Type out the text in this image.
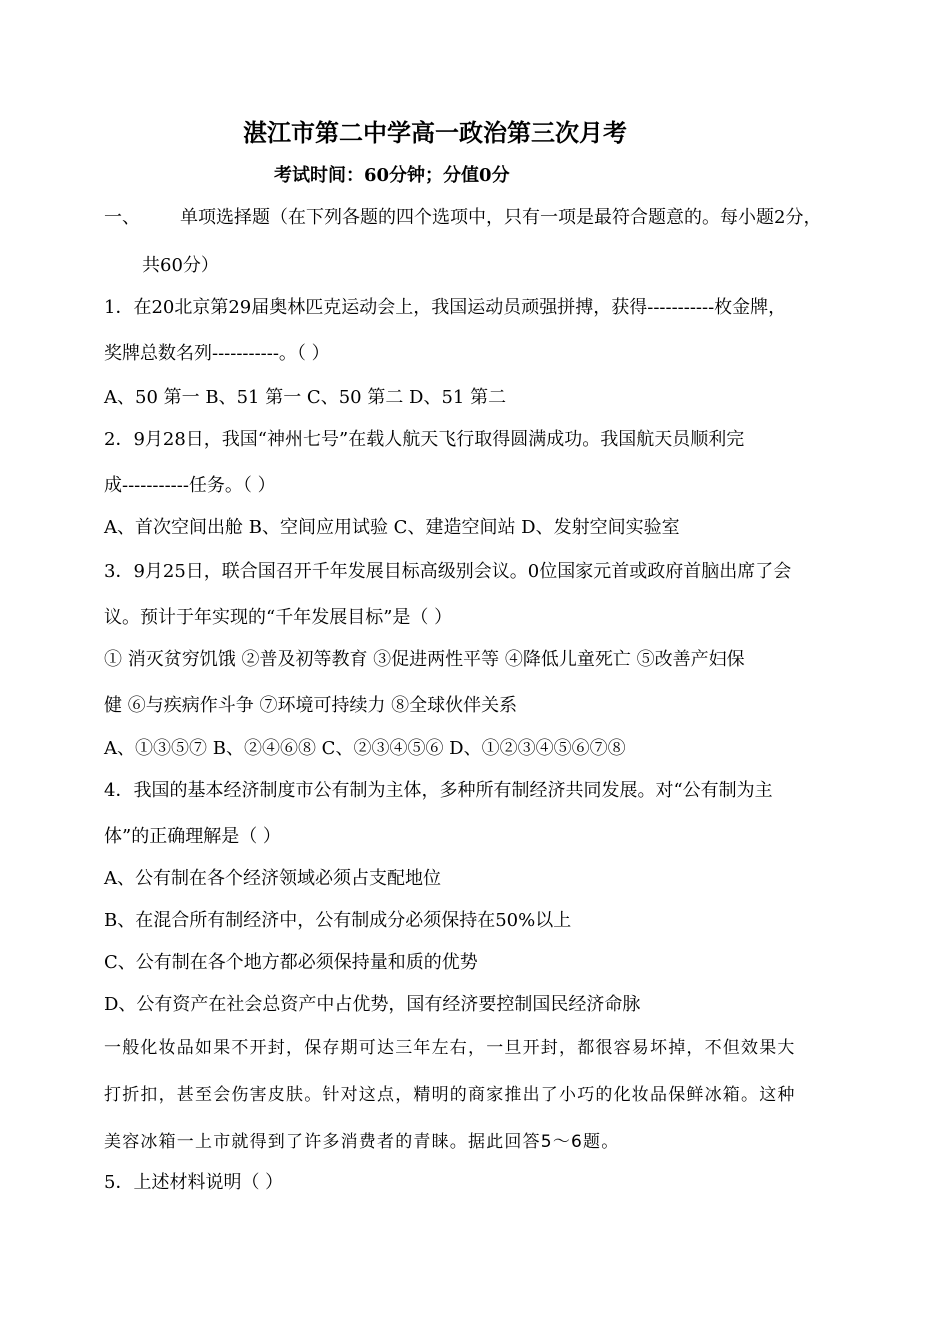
湛江市第二中学高一政治第三次月考
考试时间：60分钟；分值0分
一、 单项选择题（在下列各题的四个选项中，只有一项是最符合题意的。每小题2分，
共60分）
1．在20北京第29届奥林匹克运动会上，我国运动员顽强拼搏，获得-----------枚金牌，
奖牌总数名列-----------。（ ）
A、50 第一 B、51 第一 C、50 第二 D、51 第二
2．9月28日，我国“神州七号”在载人航天飞行取得圆满成功。我国航天员顺利完
成-----------任务。（ ）
A、首次空间出舱 B、空间应用试验 C、建造空间站 D、发射空间实验室
3．9月25日，联合国召开千年发展目标高级别会议。0位国家元首或政府首脑出席了会
议。预计于年实现的“千年发展目标”是（ ）
① 消灭贫穷饥饿 ②普及初等教育 ③促进两性平等 ④降低儿童死亡 ⑤改善产妇保
健 ⑥与疾病作斗争 ⑦环境可持续力 ⑧全球伙伴关系
A、①③⑤⑦ B、②④⑥⑧ C、②③④⑤⑥ D、①②③④⑤⑥⑦⑧
4．我国的基本经济制度市公有制为主体，多种所有制经济共同发展。对“公有制为主
体”的正确理解是（ ）
A、公有制在各个经济领域必须占支配地位
B、在混合所有制经济中，公有制成分必须保持在50%以上
C、公有制在各个地方都必须保持量和质的优势
D、公有资产在社会总资产中占优势，国有经济要控制国民经济命脉
一般化妆品如果不开封，保存期可达三年左右，一旦开封，都很容易坏掉，不但效果大
打折扣，甚至会伤害皮肤。针对这点，精明的商家推出了小巧的化妆品保鲜冰箱。这种
美容冰箱一上市就得到了许多消费者的青睐。据此回答5～6题。
5．上述材料说明（ ）
